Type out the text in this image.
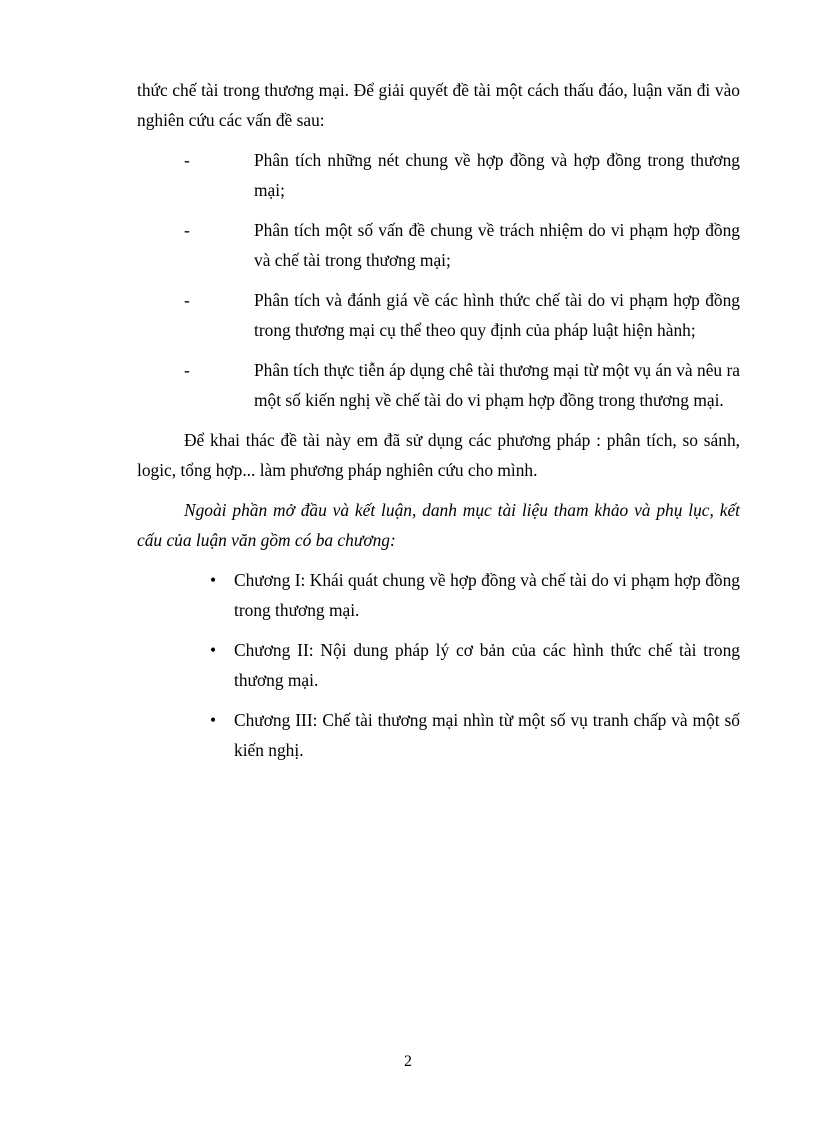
thức chế tài trong thương mại. Để giải quyết đề tài một cách thấu đáo, luận văn đi vào nghiên cứu các vấn đề sau:

-	Phân tích những nét chung về hợp đồng và hợp đồng trong thương mại;
-	Phân tích một số vấn đề chung về trách nhiệm do vi phạm hợp đồng và chế tài trong thương mại;
-	Phân tích và đánh giá về các hình thức chế tài do vi phạm hợp đồng trong thương mại cụ thể theo quy định của pháp luật hiện hành;
-	Phân tích thực tiễn áp dụng chê tài thương mại từ một vụ án và nêu ra một số kiến nghị về chế tài do vi phạm hợp đồng trong thương mại.

Để khai thác đề tài này em đã sử dụng các phương pháp : phân tích, so sánh, logic, tổng hợp... làm phương pháp nghiên cứu cho mình.

Ngoài phần mở đầu và kết luận, danh mục tài liệu tham khảo và phụ lục, kết cấu của luận văn gồm có ba chương:

• Chương I: Khái quát chung về hợp đồng và chế tài do vi phạm hợp đồng trong thương mại.
• Chương II: Nội dung pháp lý cơ bản của các hình thức chế tài trong thương mại.
• Chương III: Chế tài thương mại nhìn từ một số vụ tranh chấp và một số kiến nghị.
2
